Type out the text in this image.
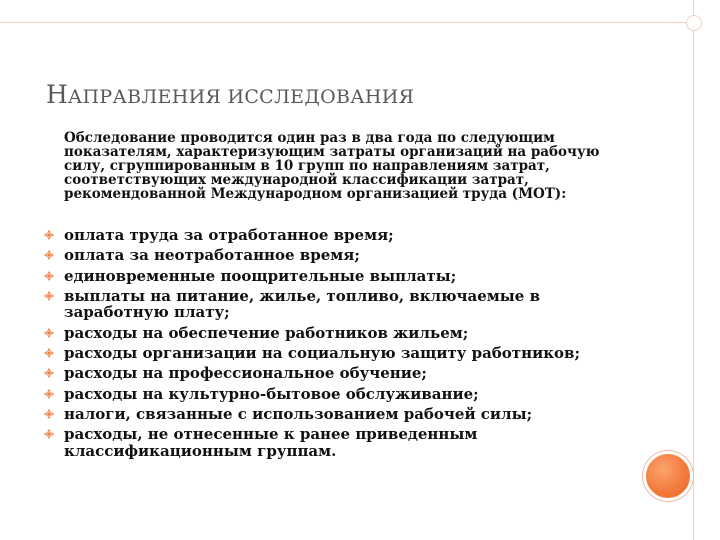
НАПРАВЛЕНИЯ ИССЛЕДОВАНИЯ
Обследование проводится один раз в два года по следующим показателям, характеризующим затраты организаций на рабочую силу, сгруппированным в 10 групп по направлениям затрат, соответствующих международной классификации затрат, рекомендованной Международном организацией труда (МОТ):
оплата труда за отработанное время;
оплата за неотработанное время;
единовременные поощрительные выплаты;
выплаты на питание, жилье, топливо, включаемые в заработную плату;
расходы на обеспечение работников жильем;
расходы организации на социальную защиту работников;
расходы на профессиональное обучение;
расходы на культурно-бытовое обслуживание;
налоги, связанные с использованием рабочей силы;
расходы, не отнесенные к ранее приведенным классификационным группам.
